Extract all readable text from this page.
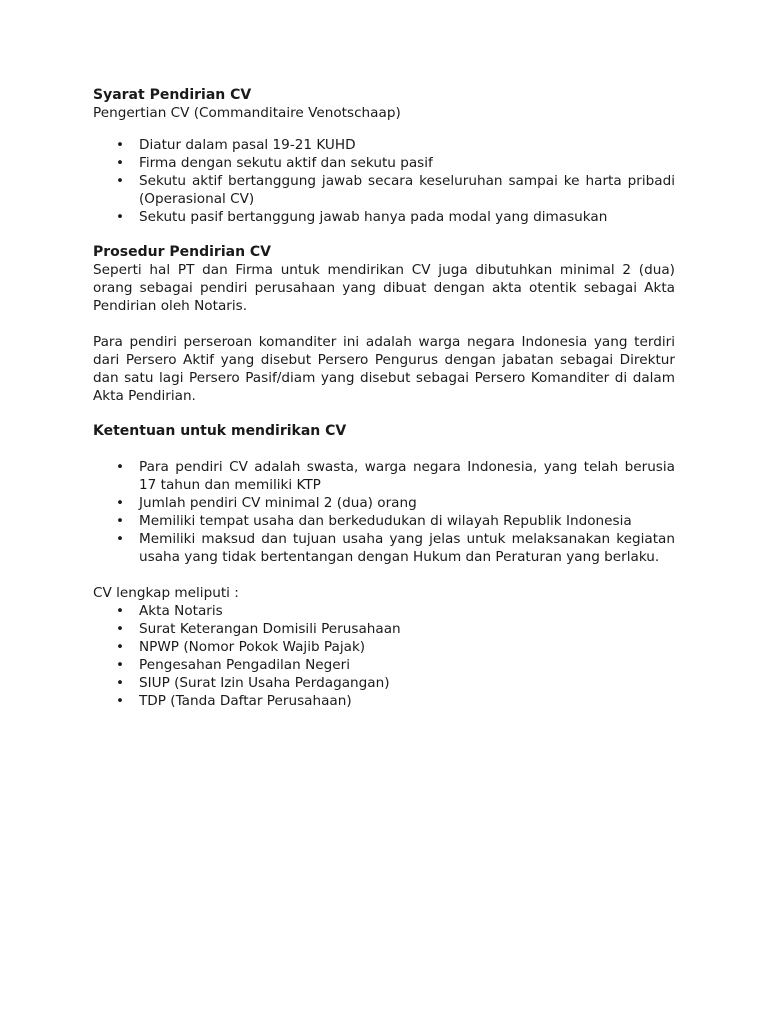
Syarat Pendirian CV

Pengertian CV (Commanditaire Venotschaap)

• Diatur dalam pasal 19-21 KUHD
• Firma dengan sekutu aktif dan sekutu pasif
• Sekutu aktif bertanggung jawab secara keseluruhan sampai ke harta pribadi (Operasional CV)
• Sekutu pasif bertanggung jawab hanya pada modal yang dimasukan

Prosedur Pendirian CV

Seperti hal PT dan Firma untuk mendirikan CV juga dibutuhkan minimal 2 (dua) orang sebagai pendiri perusahaan yang dibuat dengan akta otentik sebagai Akta Pendirian oleh Notaris.

Para pendiri perseroan komanditer ini adalah warga negara Indonesia yang terdiri dari Persero Aktif yang disebut Persero Pengurus dengan jabatan sebagai Direktur dan satu lagi Persero Pasif/diam yang disebut sebagai Persero Komanditer di dalam Akta Pendirian.

Ketentuan untuk mendirikan CV

• Para pendiri CV adalah swasta, warga negara Indonesia, yang telah berusia 17 tahun dan memiliki KTP
• Jumlah pendiri CV minimal 2 (dua) orang
• Memiliki tempat usaha dan berkedudukan di wilayah Republik Indonesia
• Memiliki maksud dan tujuan usaha yang jelas untuk melaksanakan kegiatan usaha yang tidak bertentangan dengan Hukum dan Peraturan yang berlaku.

CV lengkap meliputi :

• Akta Notaris
• Surat Keterangan Domisili Perusahaan
• NPWP (Nomor Pokok Wajib Pajak)
• Pengesahan Pengadilan Negeri
• SIUP (Surat Izin Usaha Perdagangan)
• TDP (Tanda Daftar Perusahaan)
